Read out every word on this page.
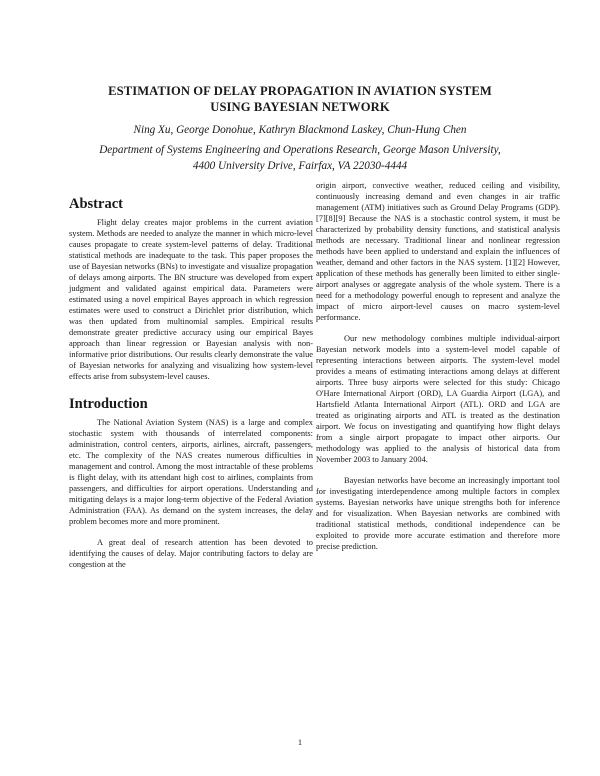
ESTIMATION OF DELAY PROPAGATION IN AVIATION SYSTEM
USING BAYESIAN NETWORK
Ning Xu, George Donohue, Kathryn Blackmond Laskey, Chun-Hung Chen
Department of Systems Engineering and Operations Research, George Mason University,
4400 University Drive, Fairfax, VA 22030-4444
Abstract

Flight delay creates major problems in the current aviation system. Methods are needed to analyze the manner in which micro-level causes propagate to create system-level patterns of delay. Traditional statistical methods are inadequate to the task. This paper proposes the use of Bayesian networks (BNs) to investigate and visualize propagation of delays among airports. The BN structure was developed from expert judgment and validated against empirical data. Parameters were estimated using a novel empirical Bayes approach in which regression estimates were used to construct a Dirichlet prior distribution, which was then updated from multinomial samples. Empirical results demonstrate greater predictive accuracy using our empirical Bayes approach than linear regression or Bayesian analysis with non-informative prior distributions. Our results clearly demonstrate the value of Bayesian networks for analyzing and visualizing how system-level effects arise from subsystem-level causes.

Introduction

The National Aviation System (NAS) is a large and complex stochastic system with thousands of interrelated components: administration, control centers, airports, airlines, aircraft, passengers, etc. The complexity of the NAS creates numerous difficulties in management and control. Among the most intractable of these problems is flight delay, with its attendant high cost to airlines, complaints from passengers, and difficulties for airport operations. Understanding and mitigating delays is a major long-term objective of the Federal Aviation Administration (FAA). As demand on the system increases, the delay problem becomes more and more prominent.

A great deal of research attention has been devoted to identifying the causes of delay. Major contributing factors to delay are congestion at the

origin airport, convective weather, reduced ceiling and visibility, continuously increasing demand and even changes in air traffic management (ATM) initiatives such as Ground Delay Programs (GDP). [7][8][9] Because the NAS is a stochastic control system, it must be characterized by probability density functions, and statistical analysis methods are necessary. Traditional linear and nonlinear regression methods have been applied to understand and explain the influences of weather, demand and other factors in the NAS system. [1][2] However, application of these methods has generally been limited to either single-airport analyses or aggregate analysis of the whole system. There is a need for a methodology powerful enough to represent and analyze the impact of micro airport-level causes on macro system-level performance.

Our new methodology combines multiple individual-airport Bayesian network models into a system-level model capable of representing interactions between airports. The system-level model provides a means of estimating interactions among delays at different airports. Three busy airports were selected for this study: Chicago O'Hare International Airport (ORD), LA Guardia Airport (LGA), and Hartsfield Atlanta International Airport (ATL). ORD and LGA are treated as originating airports and ATL is treated as the destination airport. We focus on investigating and quantifying how flight delays from a single airport propagate to impact other airports. Our methodology was applied to the analysis of historical data from November 2003 to January 2004.

Bayesian networks have become an increasingly important tool for investigating interdependence among multiple factors in complex systems. Bayesian networks have unique strengths both for inference and for visualization. When Bayesian networks are combined with traditional statistical methods, conditional independence can be exploited to provide more accurate estimation and therefore more precise prediction.

1
